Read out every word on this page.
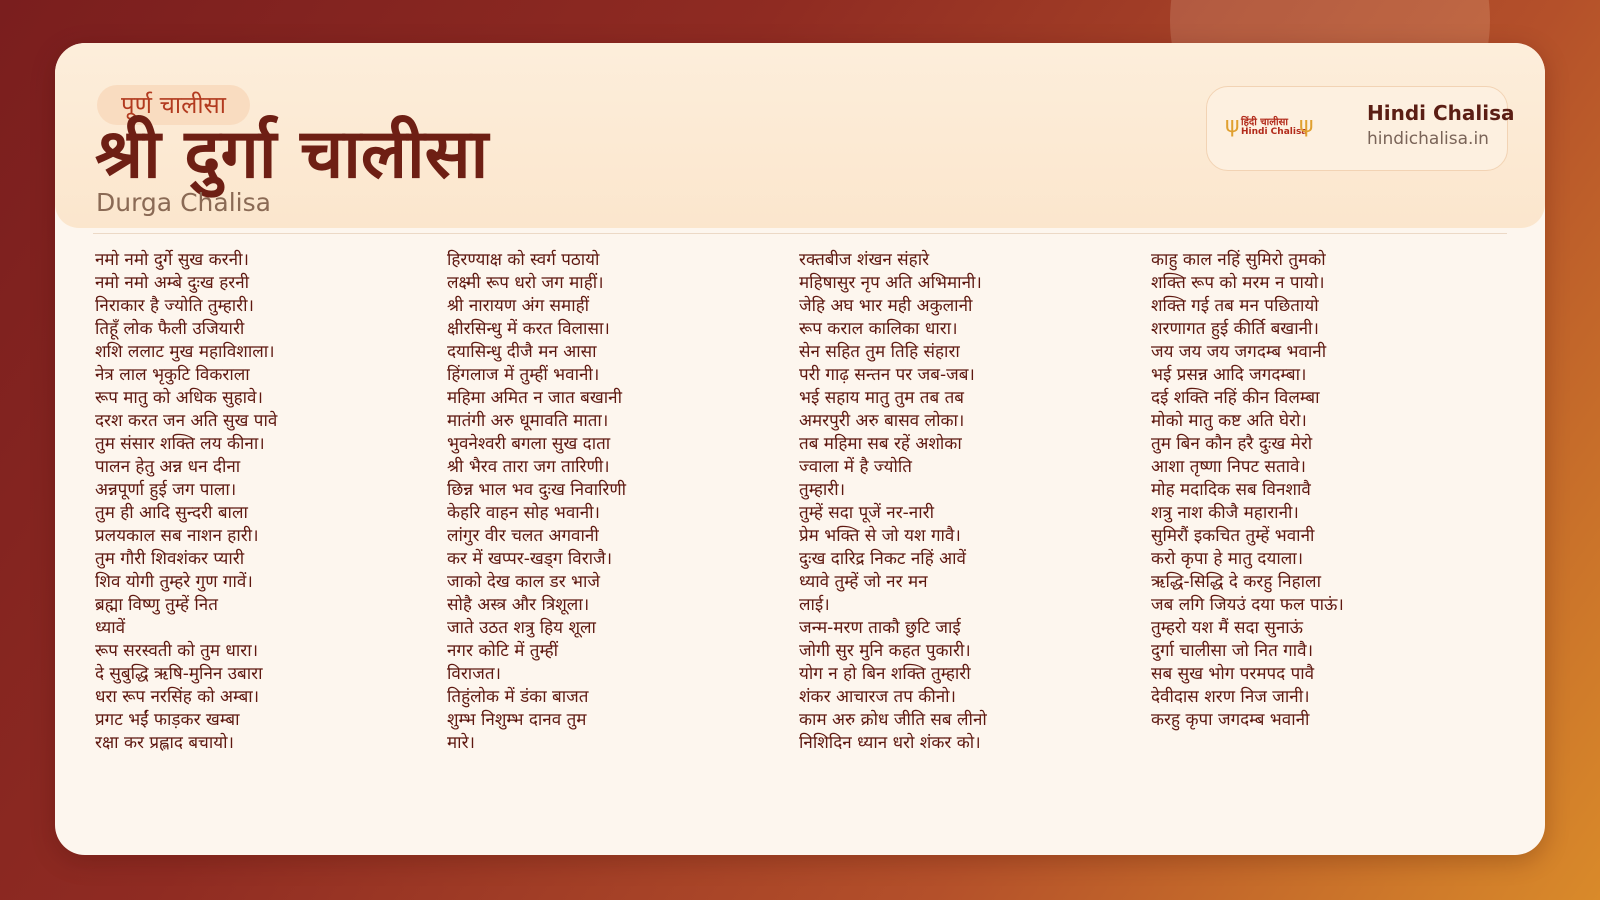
पूर्ण चालीसा
श्री दुर्गा चालीसा
Durga Chalisa
ψ हिंदी चालीसा
Hindi Chalisa
ψ	Hindi Chalisa
hindichalisa.in
नमो नमो दुर्गे सुख करनी।
नमो नमो अम्बे दुःख हरनी
निराकार है ज्योति तुम्हारी।
तिहूँ लोक फैली उजियारी
शशि ललाट मुख महाविशाला।
नेत्र लाल भृकुटि विकराला
रूप मातु को अधिक सुहावे।
दरश करत जन अति सुख पावे
तुम संसार शक्ति लय कीना।
पालन हेतु अन्न धन दीना
अन्नपूर्णा हुई जग पाला।
तुम ही आदि सुन्दरी बाला
प्रलयकाल सब नाशन हारी।
तुम गौरी शिवशंकर प्यारी
शिव योगी तुम्हरे गुण गावें।
ब्रह्मा विष्णु तुम्हें नित
ध्यावें
रूप सरस्वती को तुम धारा।
दे सुबुद्धि ऋषि-मुनिन उबारा
धरा रूप नरसिंह को अम्बा।
प्रगट भईं फाड़कर खम्बा
रक्षा कर प्रह्लाद बचायो।
हिरण्याक्ष को स्वर्ग पठायो
लक्ष्मी रूप धरो जग माहीं।
श्री नारायण अंग समाहीं
क्षीरसिन्धु में करत विलासा।
दयासिन्धु दीजै मन आसा
हिंगलाज में तुम्हीं भवानी।
महिमा अमित न जात बखानी
मातंगी अरु धूमावति माता।
भुवनेश्वरी बगला सुख दाता
श्री भैरव तारा जग तारिणी।
छिन्न भाल भव दुःख निवारिणी
केहरि वाहन सोह भवानी।
लांगुर वीर चलत अगवानी
कर में खप्पर-खड्ग विराजै।
जाको देख काल डर भाजे
सोहै अस्त्र और त्रिशूला।
जाते उठत शत्रु हिय शूला
नगर कोटि में तुम्हीं
विराजत।
तिहुंलोक में डंका बाजत
शुम्भ निशुम्भ दानव तुम
मारे।
रक्तबीज शंखन संहारे
महिषासुर नृप अति अभिमानी।
जेहि अघ भार मही अकुलानी
रूप कराल कालिका धारा।
सेन सहित तुम तिहि संहारा
परी गाढ़ सन्तन पर जब-जब।
भई सहाय मातु तुम तब तब
अमरपुरी अरु बासव लोका।
तब महिमा सब रहें अशोका
ज्वाला में है ज्योति
तुम्हारी।
तुम्हें सदा पूजें नर-नारी
प्रेम भक्ति से जो यश गावै।
दुःख दारिद्र निकट नहिं आवें
ध्यावे तुम्हें जो नर मन
लाई।
जन्म-मरण ताकौ छुटि जाई
जोगी सुर मुनि कहत पुकारी।
योग न हो बिन शक्ति तुम्हारी
शंकर आचारज तप कीनो।
काम अरु क्रोध जीति सब लीनो
निशिदिन ध्यान धरो शंकर को।
काहु काल नहिं सुमिरो तुमको
शक्ति रूप को मरम न पायो।
शक्ति गई तब मन पछितायो
शरणागत हुई कीर्ति बखानी।
जय जय जय जगदम्ब भवानी
भई प्रसन्न आदि जगदम्बा।
दई शक्ति नहिं कीन विलम्बा
मोको मातु कष्ट अति घेरो।
तुम बिन कौन हरै दुःख मेरो
आशा तृष्णा निपट सतावे।
मोह मदादिक सब विनशावै
शत्रु नाश कीजै महारानी।
सुमिरौं इकचित तुम्हें भवानी
करो कृपा हे मातु दयाला।
ऋद्धि-सिद्धि दे करहु निहाला
जब लगि जियउं दया फल पाऊं।
तुम्हरो यश मैं सदा सुनाऊं
दुर्गा चालीसा जो नित गावै।
सब सुख भोग परमपद पावै
देवीदास शरण निज जानी।
करहु कृपा जगदम्ब भवानी
